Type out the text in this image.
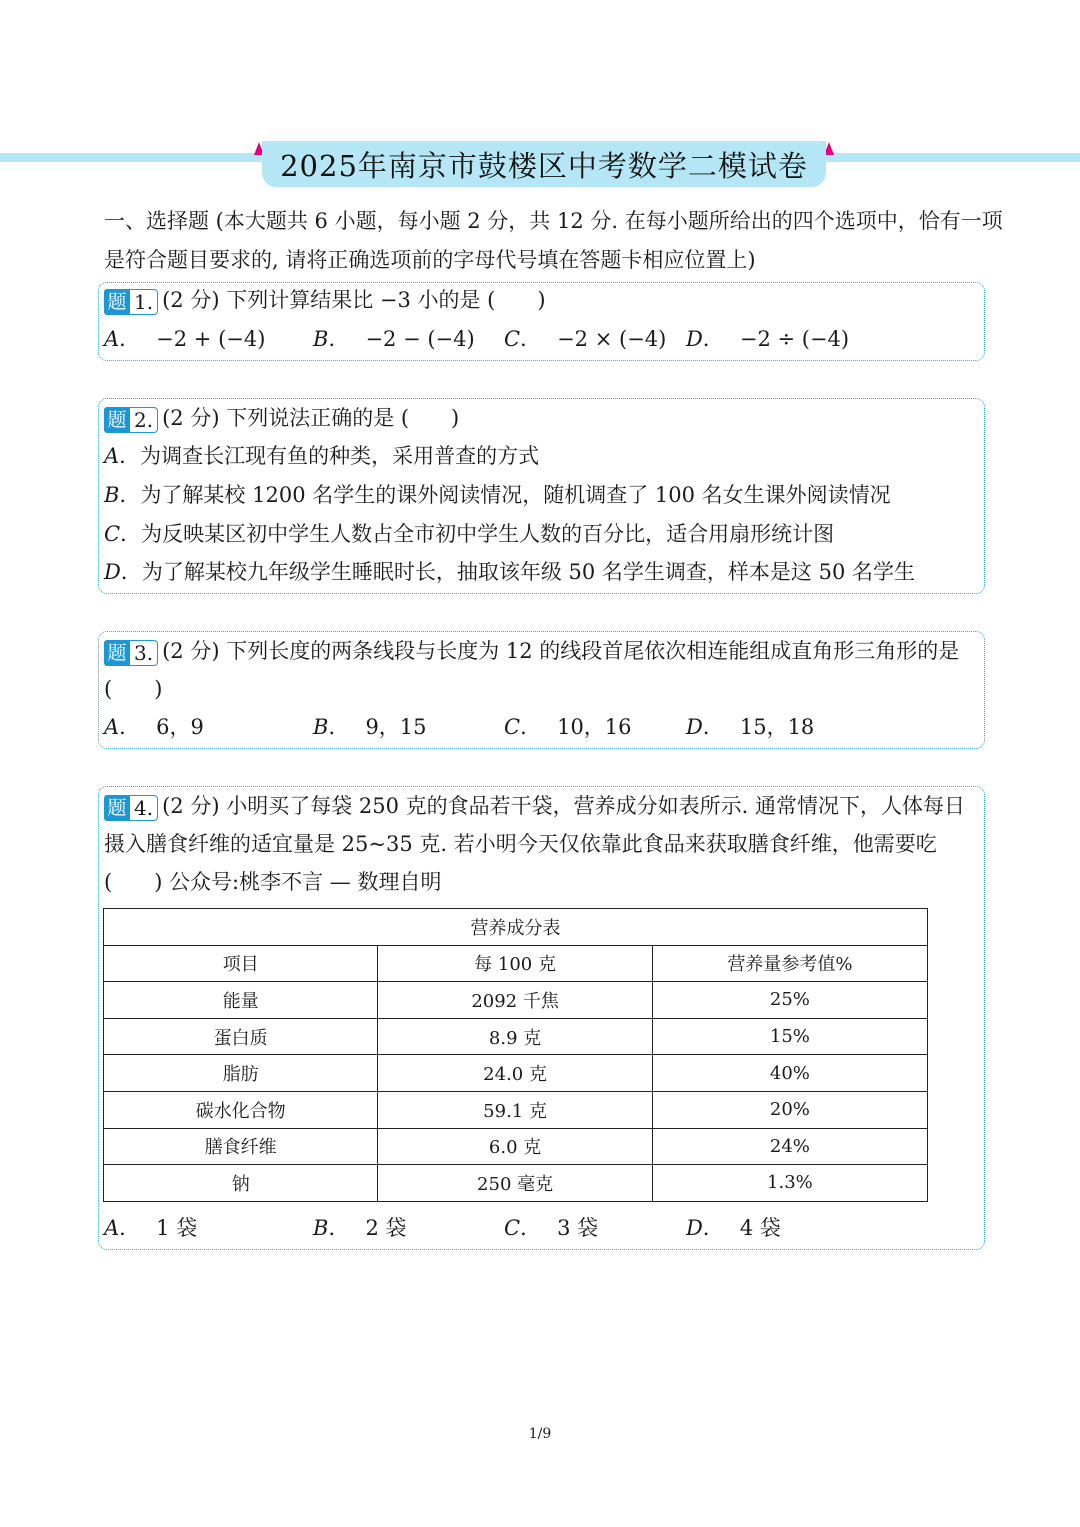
2025年南京市鼓楼区中考数学二模试卷
一、选择题 (本大题共 6 小题，每小题 2 分，共 12 分. 在每小题所给出的四个选项中，恰有一项
是符合题目要求的, 请将正确选项前的字母代号填在答题卡相应位置上)
题 1. (2 分) 下列计算结果比 −3 小的是 (　　)
A． −2 + (−4) B． −2 − (−4) C． −2 × (−4) D． −2 ÷ (−4)
题 2. (2 分) 下列说法正确的是 (　　)
A．为调查长江现有鱼的种类，采用普查的方式
B．为了解某校 1200 名学生的课外阅读情况，随机调查了 100 名女生课外阅读情况
C．为反映某区初中学生人数占全市初中学生人数的百分比，适合用扇形统计图
D．为了解某校九年级学生睡眠时长，抽取该年级 50 名学生调查，样本是这 50 名学生
题 3. (2 分) 下列长度的两条线段与长度为 12 的线段首尾依次相连能组成直角形三角形的是
(　　)
A． 6，9	B． 9，15	C． 10，16	D． 15，18
题 4. (2 分) 小明买了每袋 250 克的食品若干袋，营养成分如表所示. 通常情况下，人体每日
摄入膳食纤维的适宜量是 25~35 克. 若小明今天仅依靠此食品来获取膳食纤维，他需要吃
(　　) 公众号:桃李不言 — 数理自明
营养成分表		
项目	每 100 克	营养量参考值%
能量	2092 千焦	25%
蛋白质	8.9 克	15%
脂肪	24.0 克	40%
碳水化合物	59.1 克	20%
膳食纤维	6.0 克	24%
钠	250 毫克	1.3%
A． 1 袋	B． 2 袋	C． 3 袋	D． 4 袋
1/9
